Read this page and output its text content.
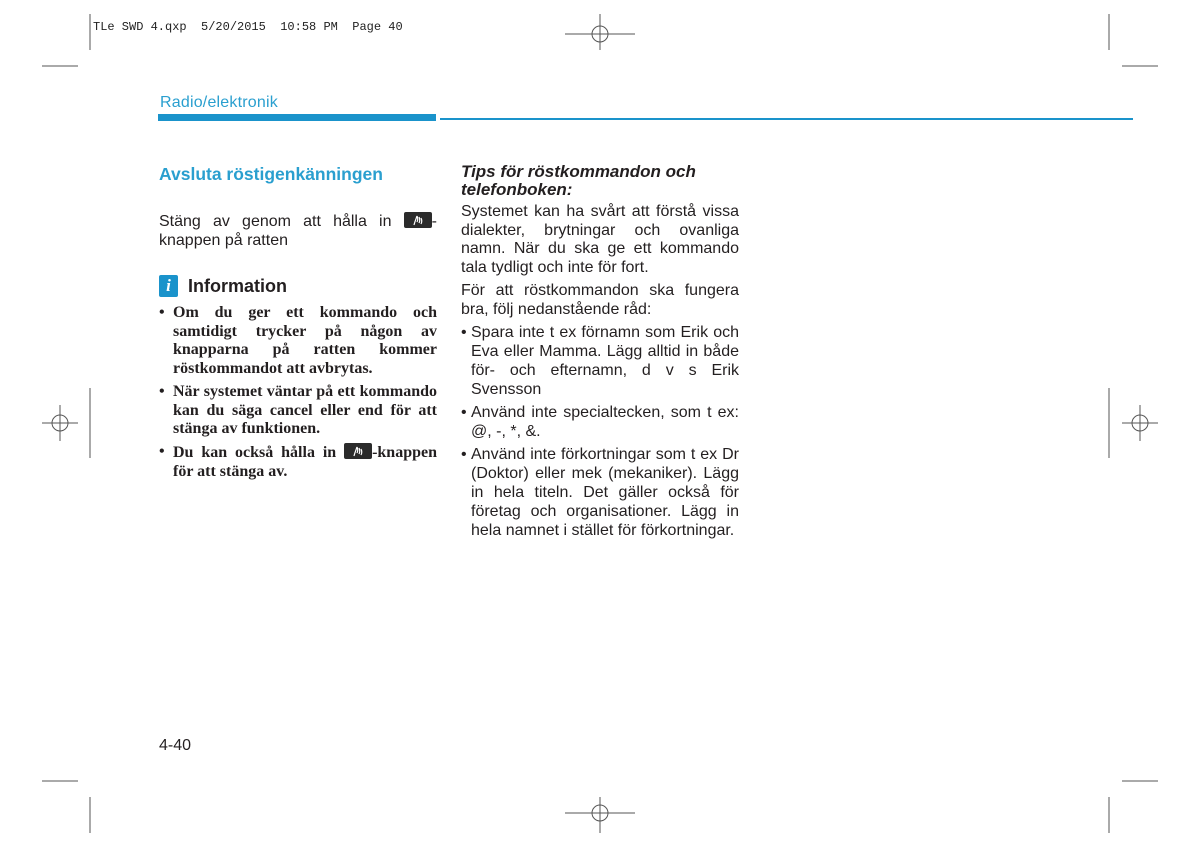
TLe SWD 4.qxp  5/20/2015  10:58 PM  Page 40
Radio/elektronik
Avsluta röstigenkänningen

Stäng av genom att hålla in
-knappen på ratten

i Information
• Om du ger ett kommando och samtidigt trycker på någon av knapparna på ratten kommer röstkommandot att avbrytas.
• När systemet väntar på ett kommando kan du säga cancel eller end för att stänga av funktionen.
• Du kan också hålla in
-knappen för att stänga av.
Tips för röstkommandon och telefonboken:

Systemet kan ha svårt att förstå vissa dialekter, brytningar och ovanliga namn. När du ska ge ett kommando tala tydligt och inte för fort.

För att röstkommandon ska fungera bra, följ nedanstående råd:

• Spara inte t ex förnamn som Erik och Eva eller Mamma. Lägg alltid in både för- och efternamn, d v s Erik Svensson
• Använd inte specialtecken, som t ex: @, -, *, &.
• Använd inte förkortningar som t ex Dr (Doktor) eller mek (mekaniker). Lägg in hela titeln. Det gäller också för företag och organisationer. Lägg in hela namnet i stället för förkortningar.
4-40
